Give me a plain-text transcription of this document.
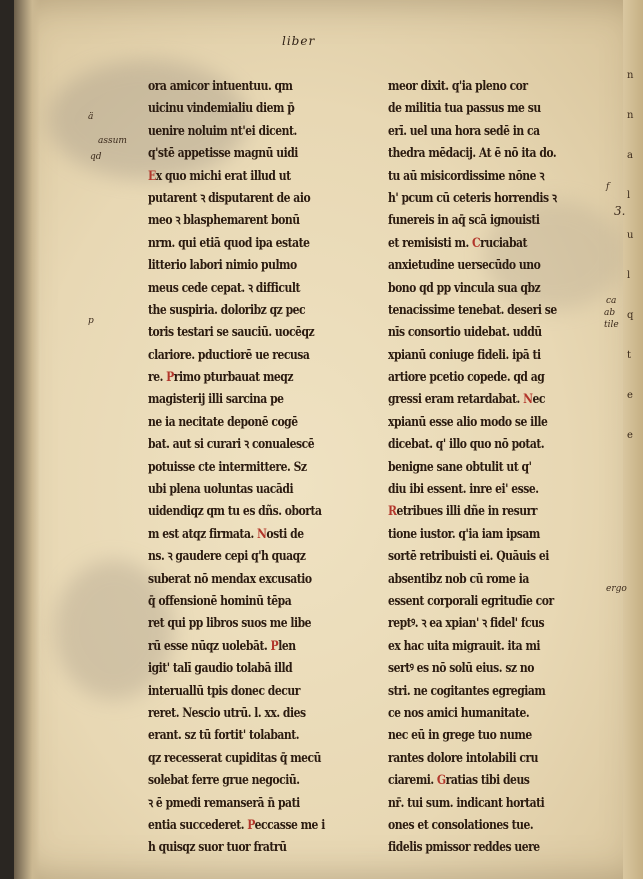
n
n
a
l
u
l
q
t
e
e
liber
ä
assum
qd
p
f
3.
ca
ab
tile
ergo
ora amicor intuentuu. qm
uicinu vindemialiu diem p̄
uenire noluim nt'ei dicent.
q'stē appetisse magnū uidi
Ex quo michi erat illud ut
putarent ꝛ disputarent de aio
meo ꝛ blasphemarent bonū
nrm. qui etiā quod ipa estate
litterio labori nimio pulmo
meus cede cepat. ꝛ difficult
the suspiria. doloribz qz pec
toris testari se sauciū. uocēqz
clariore. pductiorē ue recusa
re. Primo pturbauat meqz
magisterij illi sarcina pe
ne ia necitate deponē cogē
bat. aut si curari ꝛ conualescē
potuisse cte intermittere. Sz
ubi plena uoluntas uacādi
uidendiqz qm tu es dñs. oborta
m est atqz firmata. Nosti de
ns. ꝛ gaudere cepi q'h quaqz
suberat nō mendax excusatio
q̄ offensionē hominū tēpa
ret qui pp libros suos me libe
rū esse nūqz uolebāt. Plen
igit' talī gaudio tolabā illd
interuallū tpis donec decur
reret. Nescio utrū. l. xx. dies
erant. sz tū fortit' tolabant.
qz recesserat cupiditas q̄ mecū
solebat ferre grue negociū.
ꝛ ē pmedi remanserā n̄ pati
entia succederet. Peccasse me i
h quisqz suor tuor fratrū
meor dixit. q'ia pleno cor
de militia tua passus me su
erī. uel una hora sedē in ca
thedra mēdacij. At ē nō ita do.
tu aū misicordissime nōne ꝛ
h' pcum cū ceteris horrendis ꝛ
funereis in aq̄ scā ignouisti
et remisisti m. Cruciabat
anxietudine uersecūdo uno
bono qd pp vincula sua qbz
tenacissime tenebat. deseri se
nīs consortio uidebat. uddū
xpianū coniuge fideli. ipā ti
artiore pcetio copede. qd ag
gressi eram retardabat. Nec
xpianū esse alio modo se ille
dicebat. q' illo quo nō potat.
benigne sane obtulit ut q'
diu ibi essent. inre ei' esse.
Retribues illi dñe in resurr
tione iustor. q'ia iam ipsam
sortē retribuisti ei. Quāuis ei
absentibz nob cū rome ia
essent corporali egritudīe cor
reptꝰ. ꝛ ea xpian' ꝛ fidel' fcus
ex hac uita migrauit. ita mi
sertꝰ es nō solū eius. sz no
stri. ne cogitantes egregiam
ce nos amici humanitate.
nec eū in grege tuo nume
rantes dolore intolabili cru
ciaremi. Gratias tibi deus
nr̄. tui sum. indicant hortati
ones et consolationes tue.
fidelis pmissor reddes uere
